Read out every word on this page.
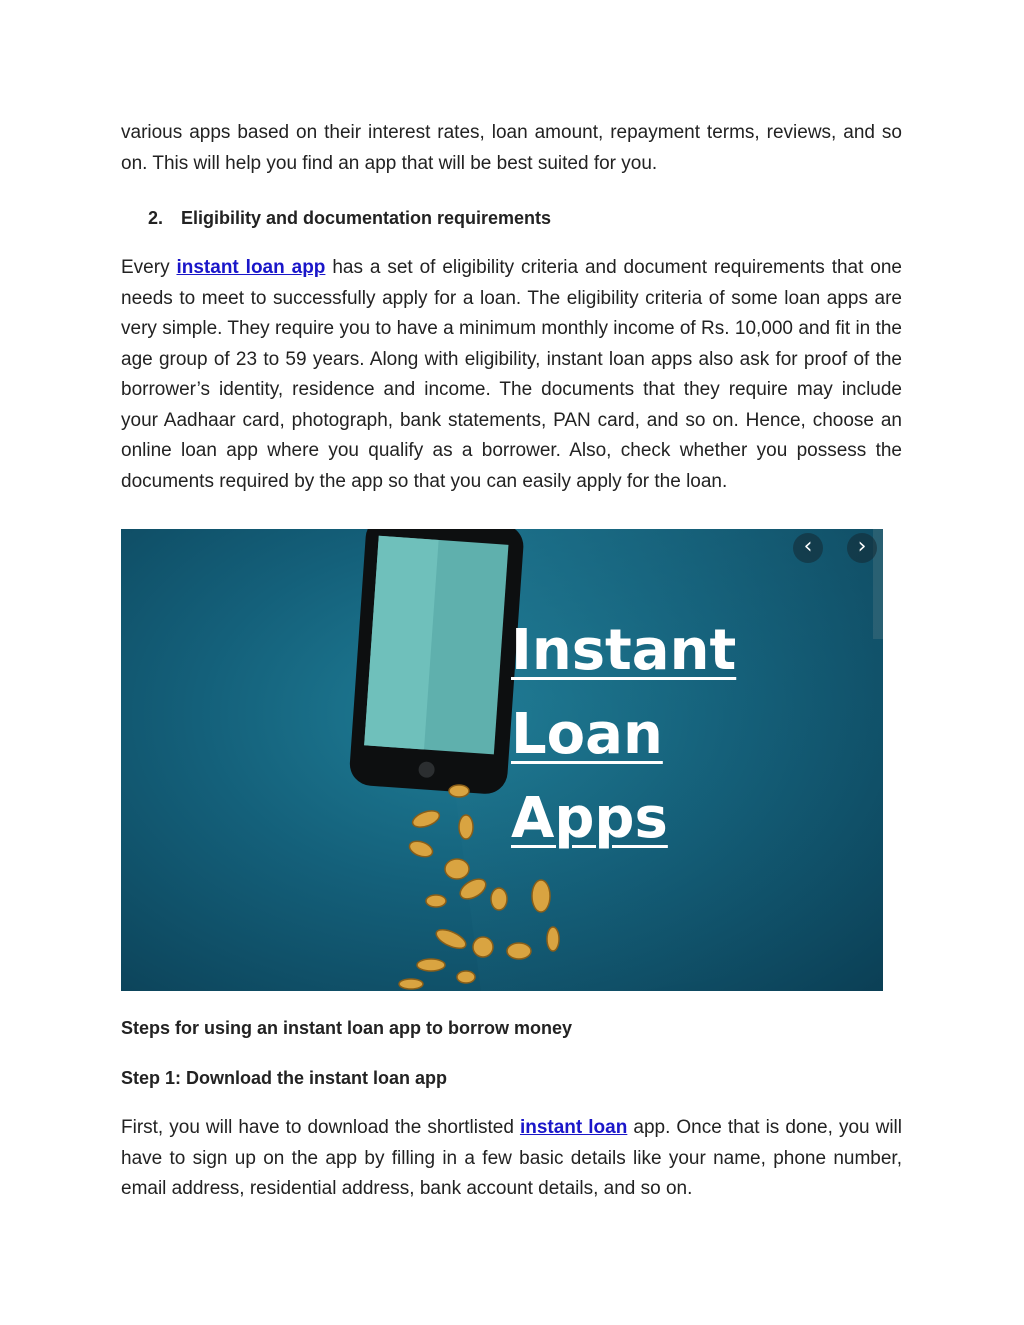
various apps based on their interest rates, loan amount, repayment terms, reviews, and so on. This will help you find an app that will be best suited for you.

2. Eligibility and documentation requirements

Every instant loan app has a set of eligibility criteria and document requirements that one needs to meet to successfully apply for a loan. The eligibility criteria of some loan apps are very simple. They require you to have a minimum monthly income of Rs. 10,000 and fit in the age group of 23 to 59 years. Along with eligibility, instant loan apps also ask for proof of the borrower’s identity, residence and income. The documents that they require may include your Aadhaar card, photograph, bank statements, PAN card, and so on. Hence, choose an online loan app where you qualify as a borrower. Also, check whether you possess the documents required by the app so that you can easily apply for the loan.

‹	›
Instant
Loan
Apps
Steps for using an instant loan app to borrow money
Step 1: Download the instant loan app

First, you will have to download the shortlisted instant loan app. Once that is done, you will have to sign up on the app by filling in a few basic details like your name, phone number, email address, residential address, bank account details, and so on.
